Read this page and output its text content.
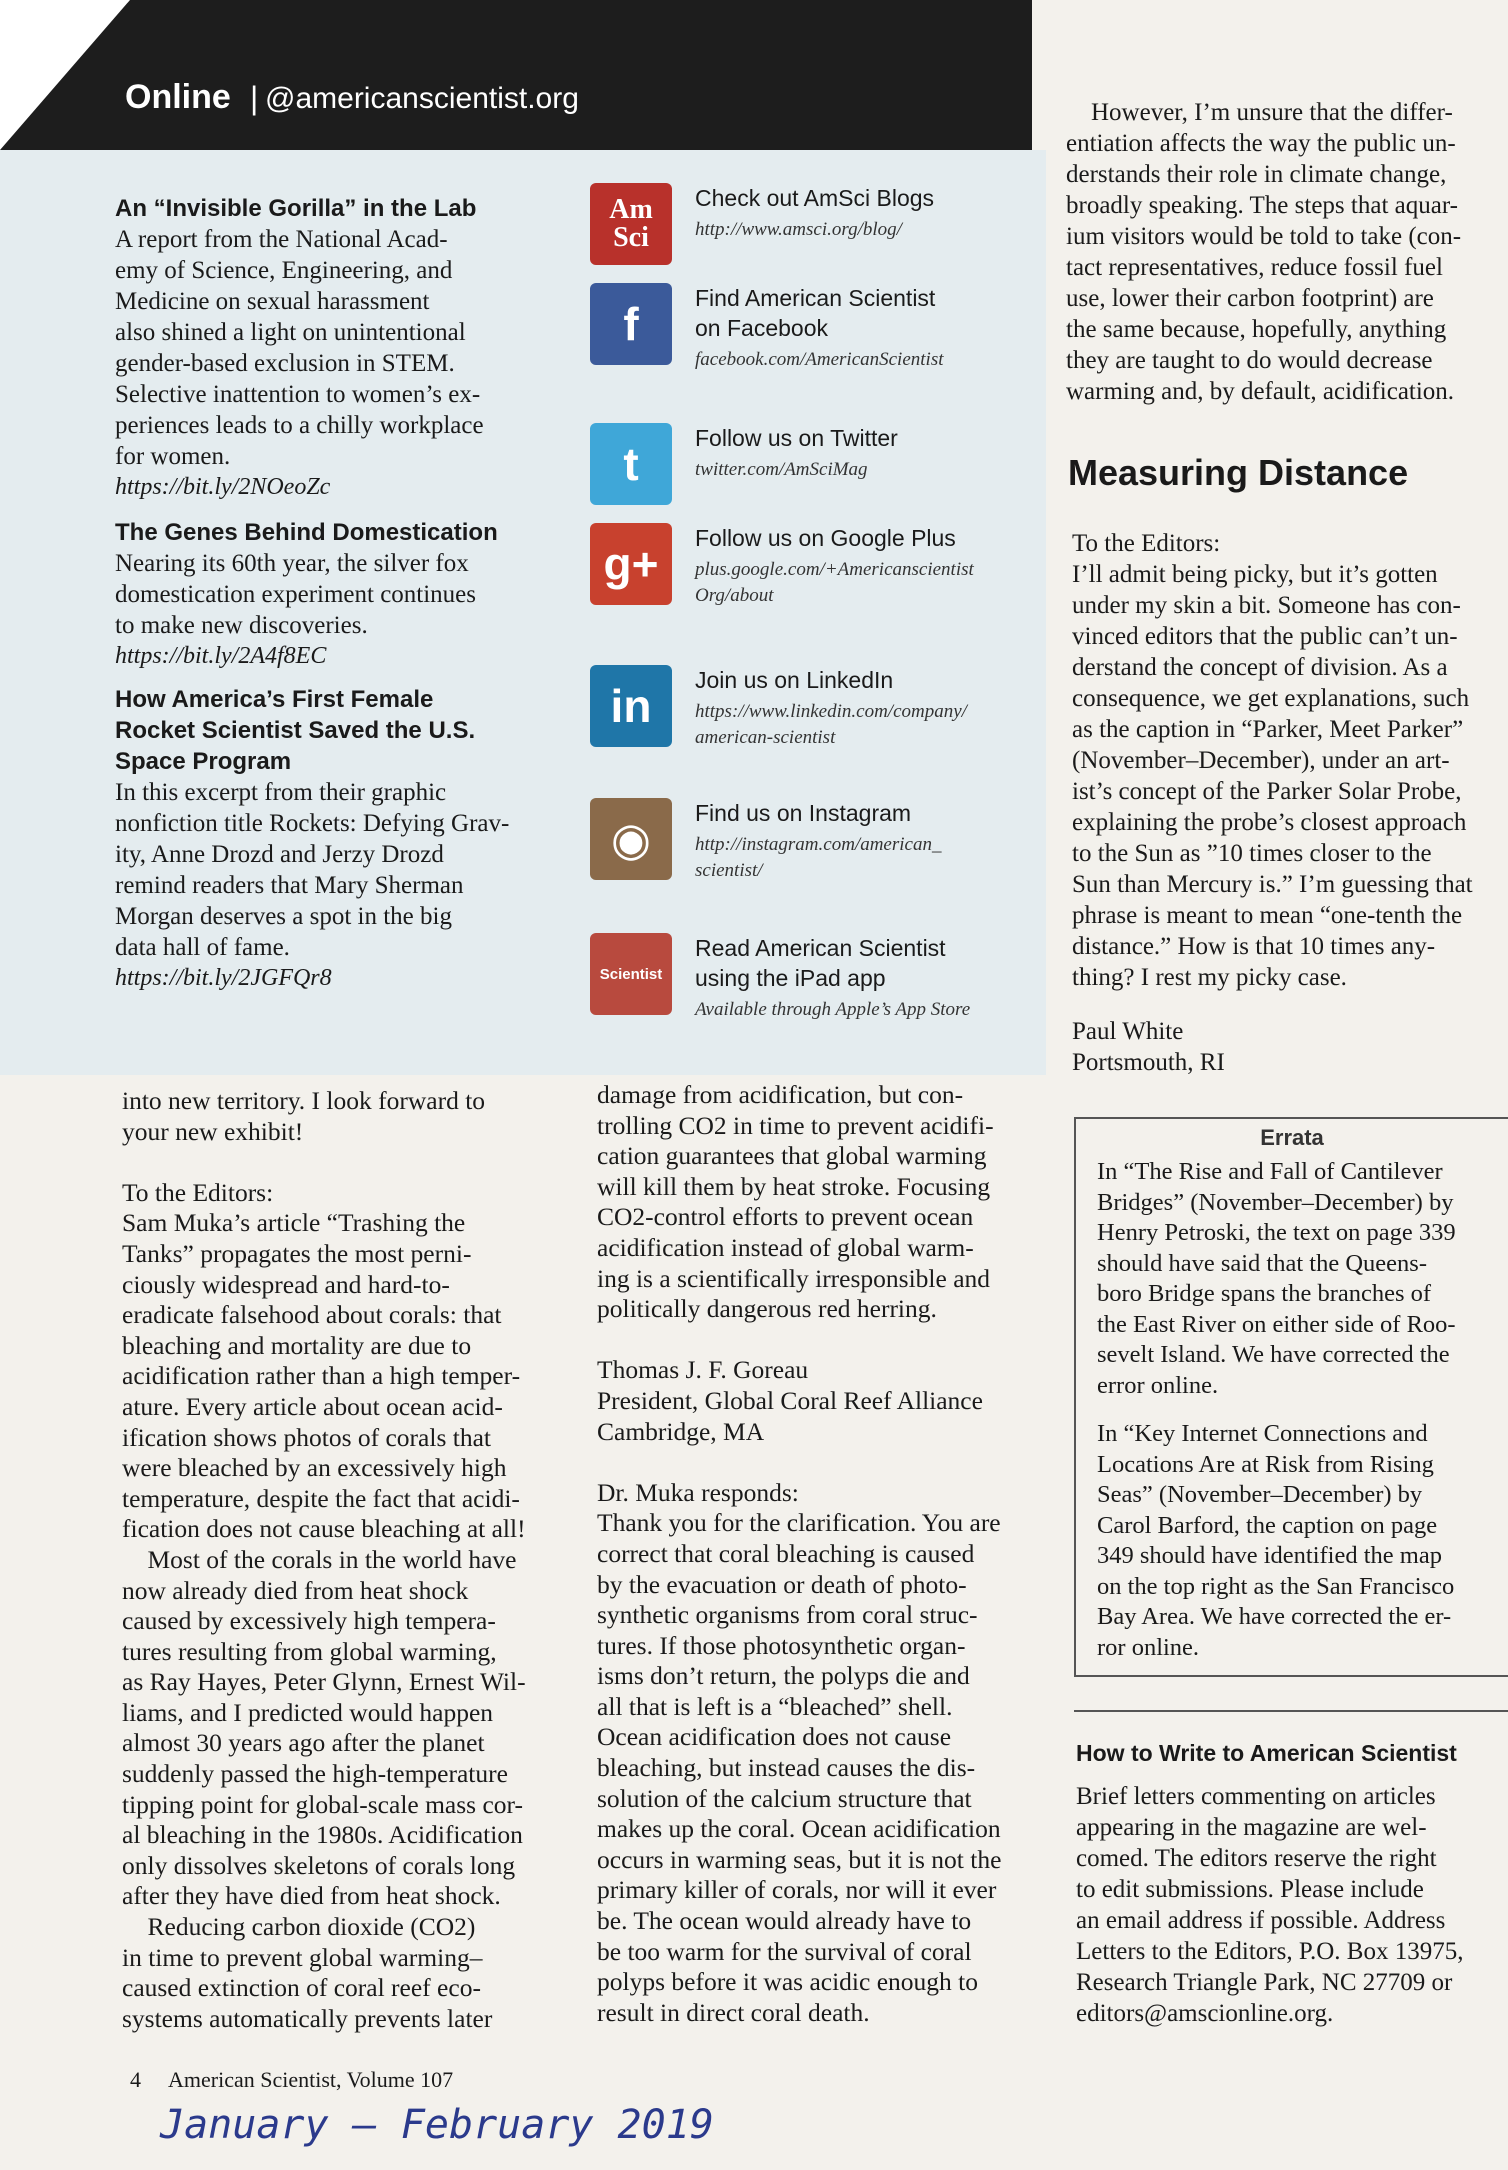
Online | @americanscientist.org
An “Invisible Gorilla” in the Lab
A report from the National Acad-
emy of Science, Engineering, and
Medicine on sexual harassment
also shined a light on unintentional
gender-based exclusion in STEM.
Selective inattention to women’s ex-
periences leads to a chilly workplace
for women.
https://bit.ly/2NOeoZc
The Genes Behind Domestication
Nearing its 60th year, the silver fox
domestication experiment continues
to make new discoveries.
https://bit.ly/2A4f8EC
How America’s First Female
Rocket Scientist Saved the U.S.
Space Program
In this excerpt from their graphic
nonfiction title Rockets: Defying Grav-
ity, Anne Drozd and Jerzy Drozd
remind readers that Mary Sherman
Morgan deserves a spot in the big
data hall of fame.
https://bit.ly/2JGFQr8
Am Sci
Check out AmSci Blogs
http://www.amsci.org/blog/
f	Find American Scientist
on Facebook
facebook.com/AmericanScientist
t	Follow us on Twitter
twitter.com/AmSciMag
g+	Follow us on Google Plus
plus.google.com/+Americanscientist
Org/about
in	Join us on LinkedIn
https://www.linkedin.com/company/
american-scientist
◉	Find us on Instagram
http://instagram.com/american_
scientist/
Scientist
Read American Scientist
using the iPad app
Available through Apple’s App Store
into new territory. I look forward to
your new exhibit!

To the Editors:
Sam Muka’s article “Trashing the
Tanks” propagates the most perni-
ciously widespread and hard-to-
eradicate falsehood about corals: that
bleaching and mortality are due to
acidification rather than a high temper-
ature. Every article about ocean acid-
ification shows photos of corals that
were bleached by an excessively high
temperature, despite the fact that acidi-
fication does not cause bleaching at all!
 Most of the corals in the world have
now already died from heat shock
caused by excessively high tempera-
tures resulting from global warming,
as Ray Hayes, Peter Glynn, Ernest Wil-
liams, and I predicted would happen
almost 30 years ago after the planet
suddenly passed the high-temperature
tipping point for global-scale mass cor-
al bleaching in the 1980s. Acidification
only dissolves skeletons of corals long
after they have died from heat shock.
 Reducing carbon dioxide (CO2)
in time to prevent global warming–
caused extinction of coral reef eco-
systems automatically prevents later
damage from acidification, but con-
trolling CO2 in time to prevent acidifi-
cation guarantees that global warming
will kill them by heat stroke. Focusing
CO2-control efforts to prevent ocean
acidification instead of global warm-
ing is a scientifically irresponsible and
politically dangerous red herring.

Thomas J. F. Goreau
President, Global Coral Reef Alliance
Cambridge, MA

Dr. Muka responds:
Thank you for the clarification. You are
correct that coral bleaching is caused
by the evacuation or death of photo-
synthetic organisms from coral struc-
tures. If those photosynthetic organ-
isms don’t return, the polyps die and
all that is left is a “bleached” shell.
Ocean acidification does not cause
bleaching, but instead causes the dis-
solution of the calcium structure that
makes up the coral. Ocean acidification
occurs in warming seas, but it is not the
primary killer of corals, nor will it ever
be. The ocean would already have to
be too warm for the survival of coral
polyps before it was acidic enough to
result in direct coral death.
 However, I’m unsure that the differ-
entiation affects the way the public un-
derstands their role in climate change,
broadly speaking. The steps that aquar-
ium visitors would be told to take (con-
tact representatives, reduce fossil fuel
use, lower their carbon footprint) are
the same because, hopefully, anything
they are taught to do would decrease
warming and, by default, acidification.
Measuring Distance
To the Editors:
I’ll admit being picky, but it’s gotten
under my skin a bit. Someone has con-
vinced editors that the public can’t un-
derstand the concept of division. As a
consequence, we get explanations, such
as the caption in “Parker, Meet Parker”
(November–December), under an art-
ist’s concept of the Parker Solar Probe,
explaining the probe’s closest approach
to the Sun as ”10 times closer to the
Sun than Mercury is.” I’m guessing that
phrase is meant to mean “one-tenth the
distance.” How is that 10 times any-
thing? I rest my picky case.
Paul White
Portsmouth, RI
Errata
In “The Rise and Fall of Cantilever
Bridges” (November–December) by
Henry Petroski, the text on page 339
should have said that the Queens-
boro Bridge spans the branches of
the East River on either side of Roo-
sevelt Island. We have corrected the
error online.
In “Key Internet Connections and
Locations Are at Risk from Rising
Seas” (November–December) by
Carol Barford, the caption on page
349 should have identified the map
on the top right as the San Francisco
Bay Area. We have corrected the er-
ror online.
How to Write to American Scientist
Brief letters commenting on articles
appearing in the magazine are wel-
comed. The editors reserve the right
to edit submissions. Please include
an email address if possible. Address
Letters to the Editors, P.O. Box 13975,
Research Triangle Park, NC 27709 or
editors@amscionline.org.
4 American Scientist, Volume 107
January – February 2019
